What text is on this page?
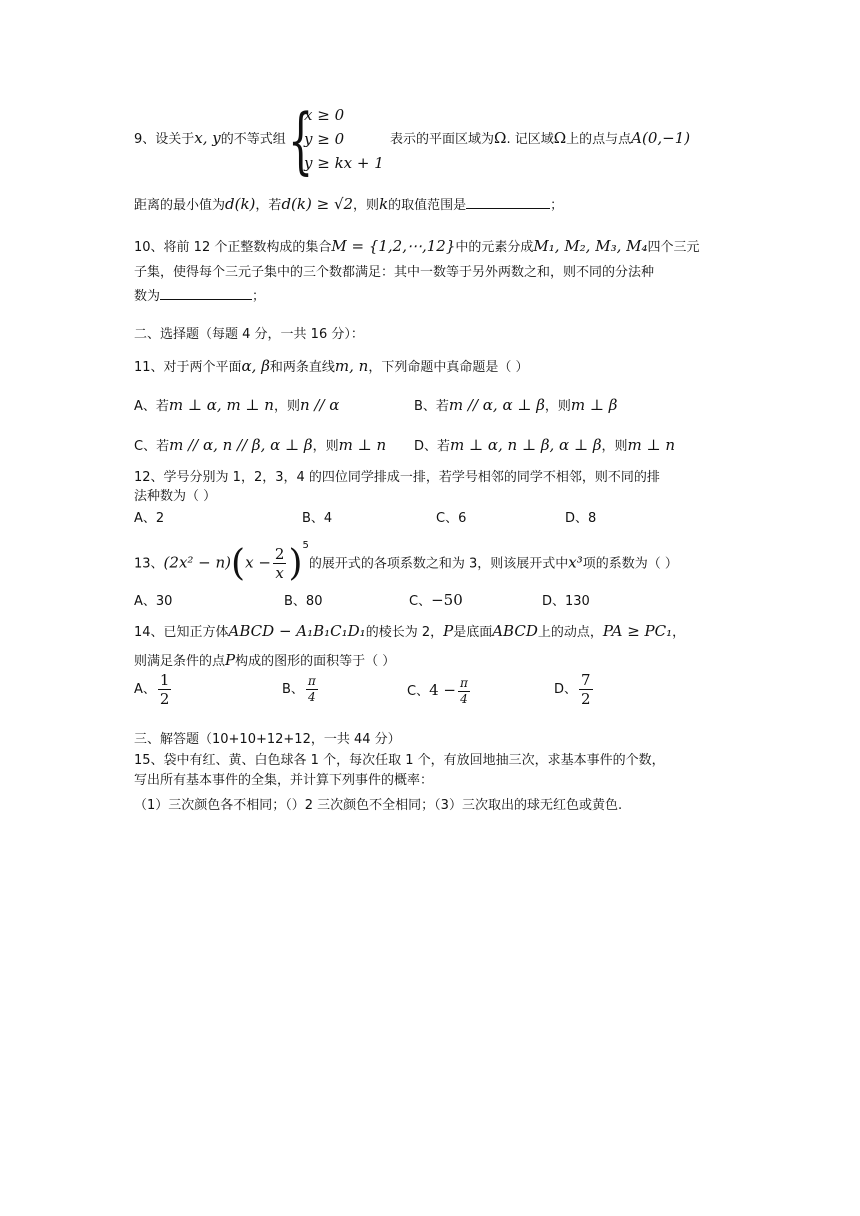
9、设关于x, y的不等式组 {
x ≥ 0
y ≥ 0
y ≥ kx + 1
表示的平面区域为Ω. 记区域Ω上的点与点A(0,−1)
距离的最小值为d(k)，若d(k) ≥ √2，则k的取值范围是	；
10、将前 12 个正整数构成的集合M = {1,2,⋯,12}中的元素分成M₁, M₂, M₃, M₄四个三元
子集，使得每个三元子集中的三个数都满足：其中一数等于另外两数之和，则不同的分法种
数为	；
二、选择题（每题 4 分，一共 16 分）：
11、对于两个平面α, β和两条直线m, n，下列命题中真命题是（ ）
A、若m ⊥ α, m ⊥ n，则n // α	B、若m // α, α ⊥ β，则m ⊥ β
C、若m // α, n // β, α ⊥ β，则m ⊥ n D、若m ⊥ α, n ⊥ β, α ⊥ β，则m ⊥ n
12、学号分别为 1，2，3，4 的四位同学排成一排，若学号相邻的同学不相邻，则不同的排
法种数为（ ）
A、2	B、4	C、6	D、8
13、$(2x^2 - n)(x - \frac{2}{x} )^5$的展开式的各项系数之和为 3，则该展开式中x³项的系数为（ ）
A、30	B、80	C、−50	D、130
14、已知正方体ABCD − A₁B₁C₁D₁的棱长为 2，P是底面ABCD上的动点，PA ≥ PC₁，
则满足条件的点P构成的图形的面积等于（ ）
A、 $\frac{1}{2}$	B、 $\frac{\pi}{4}$	C、$4 - \frac{\pi}{4}$	D、 $\frac{7}{2}$
三、解答题（10+10+12+12，一共 44 分）
15、袋中有红、黄、白色球各 1 个，每次任取 1 个，有放回地抽三次，求基本事件的个数，
写出所有基本事件的全集，并计算下列事件的概率：
（1）三次颜色各不相同；（）2 三次颜色不全相同；（3）三次取出的球无红色或黄色.
